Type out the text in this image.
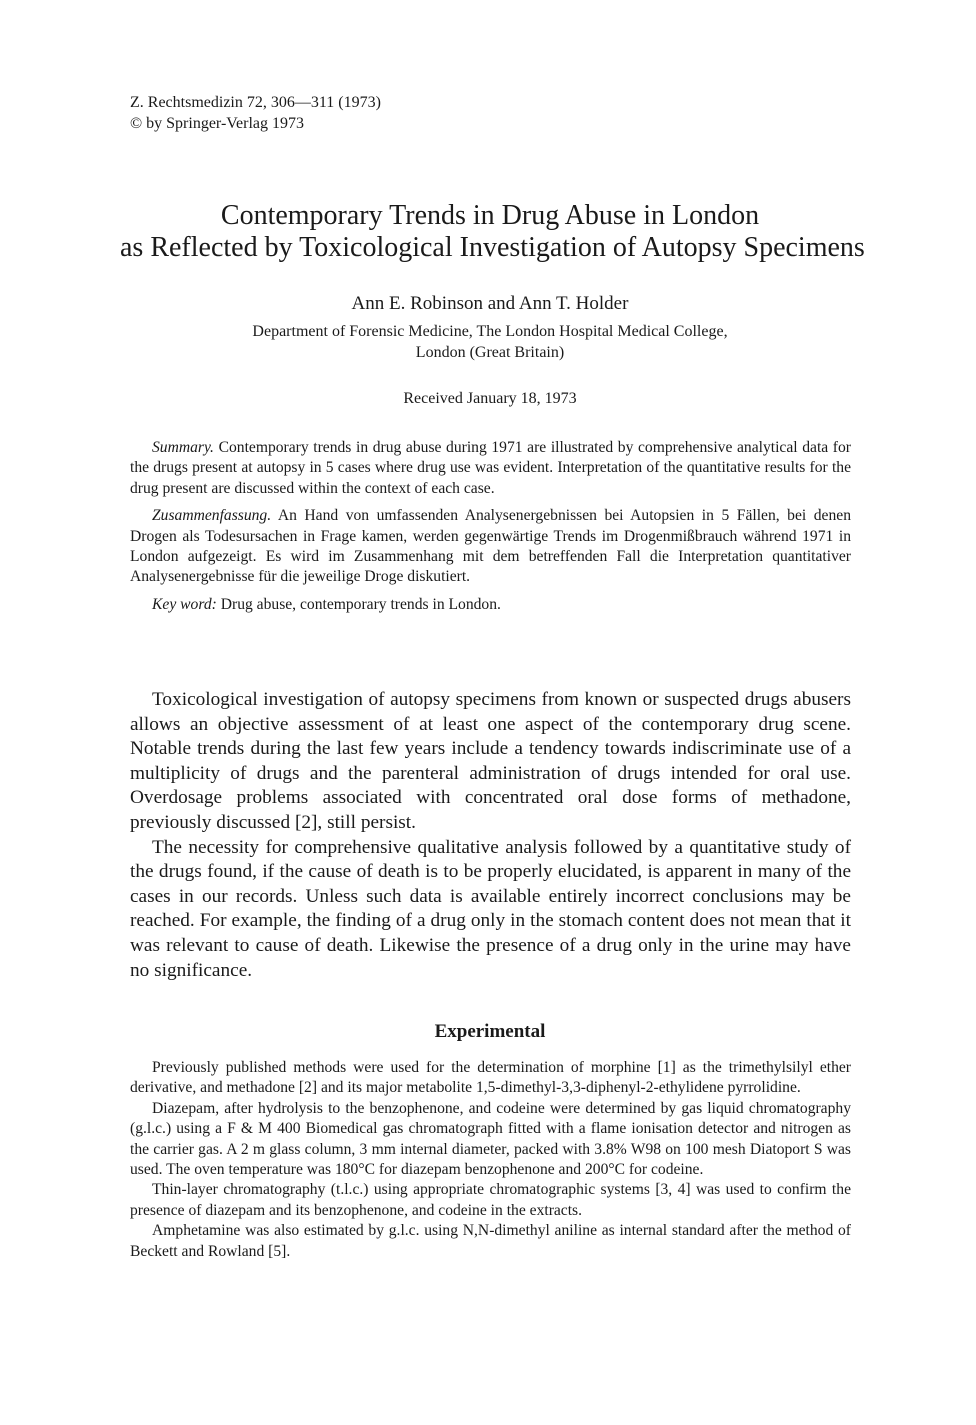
Z. Rechtsmedizin 72, 306—311 (1973)
© by Springer-Verlag 1973
Contemporary Trends in Drug Abuse in London
as Reflected by Toxicological Investigation of Autopsy Specimens
Ann E. Robinson and Ann T. Holder
Department of Forensic Medicine, The London Hospital Medical College,
London (Great Britain)
Received January 18, 1973

Summary. Contemporary trends in drug abuse during 1971 are illustrated by comprehensive analytical data for the drugs present at autopsy in 5 cases where drug use was evident. Interpretation of the quantitative results for the drug present are discussed within the context of each case.

Zusammenfassung. An Hand von umfassenden Analysenergebnissen bei Autopsien in 5 Fällen, bei denen Drogen als Todesursachen in Frage kamen, werden gegenwärtige Trends im Drogenmißbrauch während 1971 in London aufgezeigt. Es wird im Zusammenhang mit dem betreffenden Fall die Interpretation quantitativer Analysenergebnisse für die jeweilige Droge diskutiert.

Key word: Drug abuse, contemporary trends in London.

Toxicological investigation of autopsy specimens from known or suspected drugs abusers allows an objective assessment of at least one aspect of the contemporary drug scene. Notable trends during the last few years include a tendency towards indiscriminate use of a multiplicity of drugs and the parenteral administration of drugs intended for oral use. Overdosage problems associated with concentrated oral dose forms of methadone, previously discussed [2], still persist.

The necessity for comprehensive qualitative analysis followed by a quantitative study of the drugs found, if the cause of death is to be properly elucidated, is apparent in many of the cases in our records. Unless such data is available entirely incorrect conclusions may be reached. For example, the finding of a drug only in the stomach content does not mean that it was relevant to cause of death. Likewise the presence of a drug only in the urine may have no significance.

Experimental

Previously published methods were used for the determination of morphine [1] as the trimethylsilyl ether derivative, and methadone [2] and its major metabolite 1,5-dimethyl-3,3-diphenyl-2-ethylidene pyrrolidine.

Diazepam, after hydrolysis to the benzophenone, and codeine were determined by gas liquid chromatography (g.l.c.) using a F & M 400 Biomedical gas chromatograph fitted with a flame ionisation detector and nitrogen as the carrier gas. A 2 m glass column, 3 mm internal diameter, packed with 3.8% W98 on 100 mesh Diatoport S was used. The oven temperature was 180°C for diazepam benzophenone and 200°C for codeine.

Thin-layer chromatography (t.l.c.) using appropriate chromatographic systems [3, 4] was used to confirm the presence of diazepam and its benzophenone, and codeine in the extracts.

Amphetamine was also estimated by g.l.c. using N,N-dimethyl aniline as internal standard after the method of Beckett and Rowland [5].
